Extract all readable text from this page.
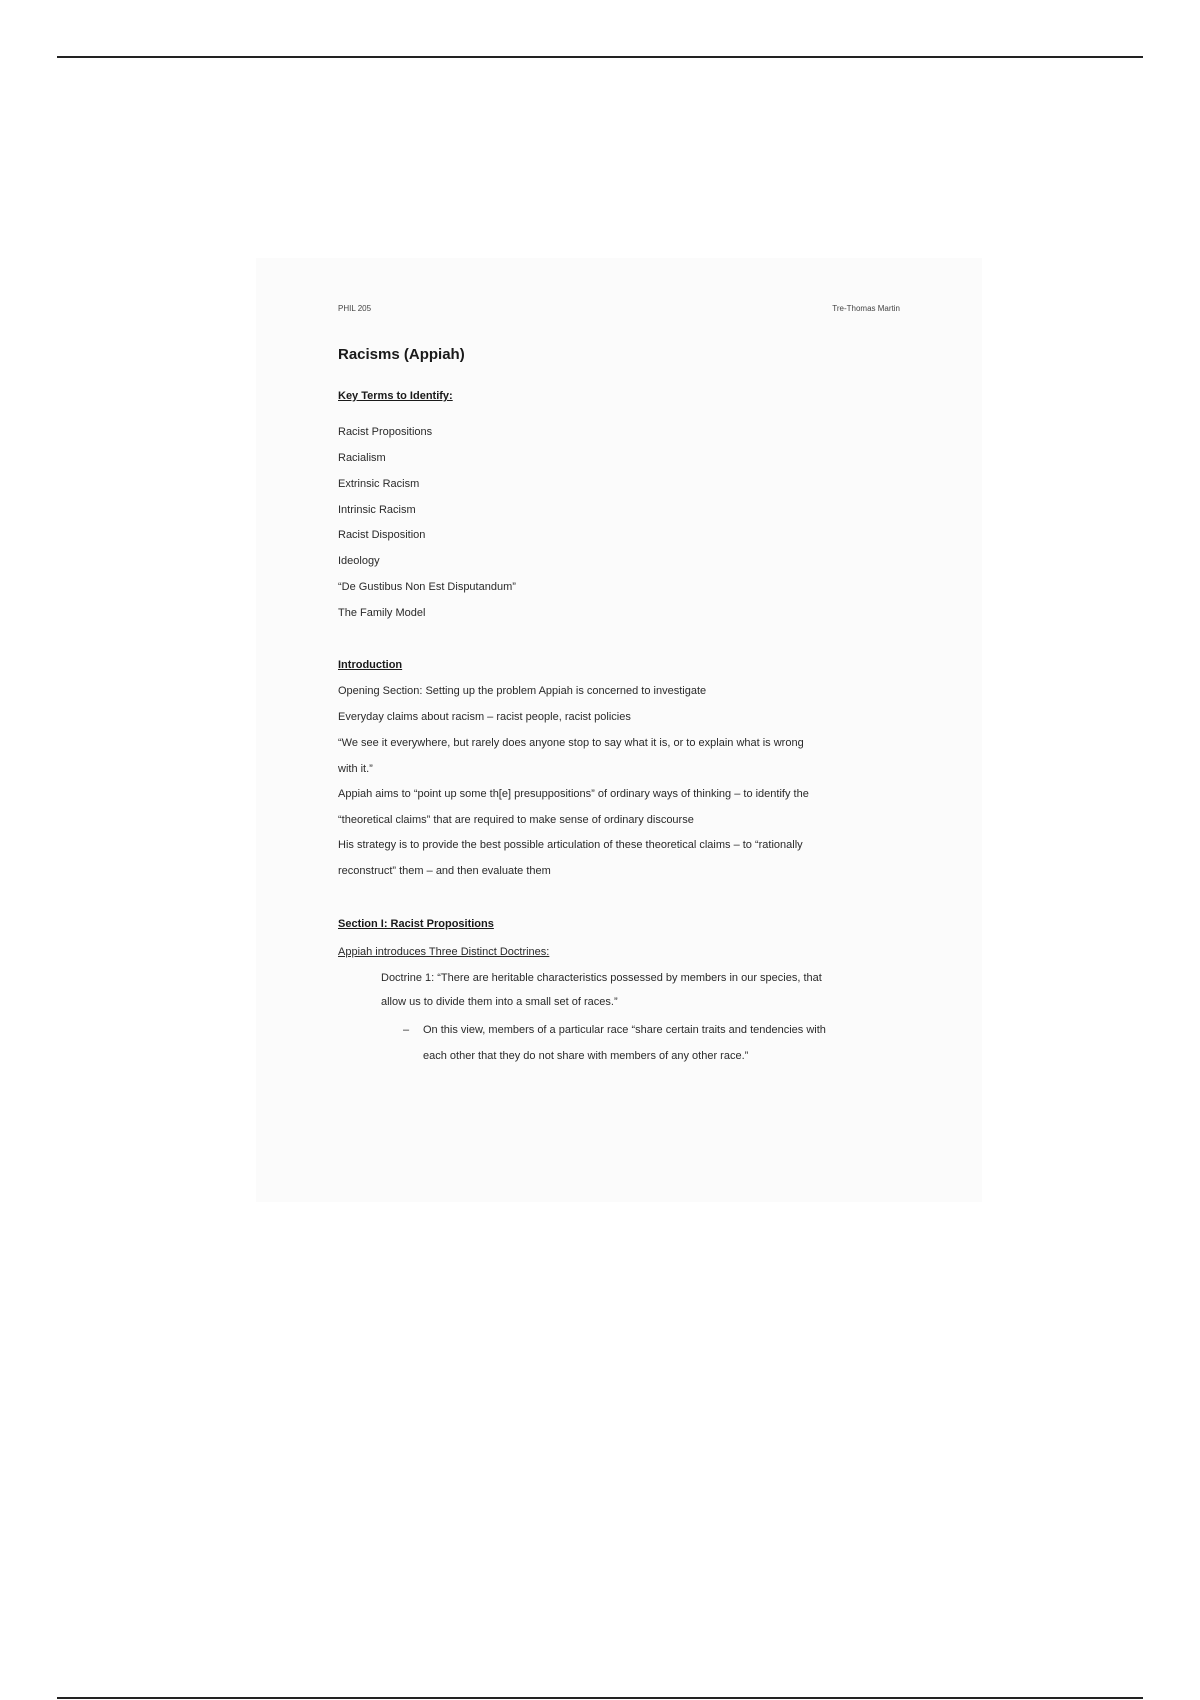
PHIL 205	Tre-Thomas Martin
Racisms (Appiah)
Key Terms to Identify:
Racist Propositions
Racialism
Extrinsic Racism
Intrinsic Racism
Racist Disposition
Ideology
“De Gustibus Non Est Disputandum”
The Family Model
Introduction
Opening Section: Setting up the problem Appiah is concerned to investigate
Everyday claims about racism – racist people, racist policies
“We see it everywhere, but rarely does anyone stop to say what it is, or to explain what is wrong
with it.”
Appiah aims to “point up some th[e] presuppositions” of ordinary ways of thinking – to identify the
“theoretical claims” that are required to make sense of ordinary discourse
His strategy is to provide the best possible articulation of these theoretical claims – to “rationally
reconstruct” them – and then evaluate them
Section I: Racist Propositions
Appiah introduces Three Distinct Doctrines:
Doctrine 1: “There are heritable characteristics possessed by members in our species, that
allow us to divide them into a small set of races.”
– On this view, members of a particular race “share certain traits and tendencies with
each other that they do not share with members of any other race.”
